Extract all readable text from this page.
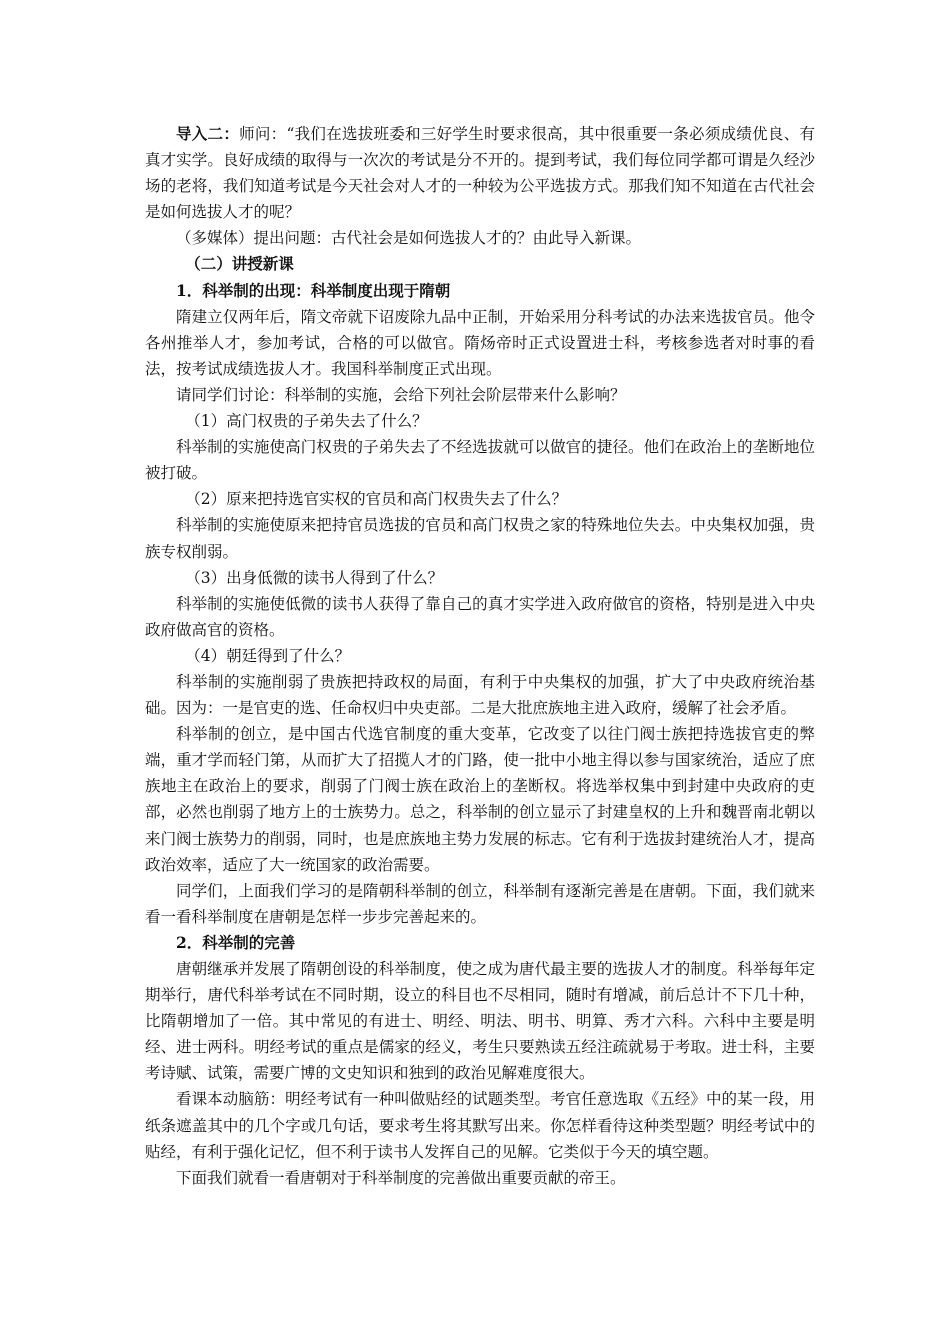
导入二：师问：“我们在选拔班委和三好学生时要求很高，其中很重要一条必须成绩优良、有真才实学。良好成绩的取得与一次次的考试是分不开的。提到考试，我们每位同学都可谓是久经沙场的老将，我们知道考试是今天社会对人才的一种较为公平选拔方式。那我们知不知道在古代社会是如何选拔人才的呢？

（多媒体）提出问题：古代社会是如何选拔人才的？由此导入新课。

（二）讲授新课

1．科举制的出现：科举制度出现于隋朝

隋建立仅两年后，隋文帝就下诏废除九品中正制，开始采用分科考试的办法来选拔官员。他令各州推举人才，参加考试，合格的可以做官。隋炀帝时正式设置进士科，考核参选者对时事的看法，按考试成绩选拔人才。我国科举制度正式出现。

请同学们讨论：科举制的实施，会给下列社会阶层带来什么影响？

（1）高门权贵的子弟失去了什么？

科举制的实施使高门权贵的子弟失去了不经选拔就可以做官的捷径。他们在政治上的垄断地位被打破。

（2）原来把持选官实权的官员和高门权贵失去了什么？

科举制的实施使原来把持官员选拔的官员和高门权贵之家的特殊地位失去。中央集权加强，贵族专权削弱。

（3）出身低微的读书人得到了什么？

科举制的实施使低微的读书人获得了靠自己的真才实学进入政府做官的资格，特别是进入中央政府做高官的资格。

（4）朝廷得到了什么？

科举制的实施削弱了贵族把持政权的局面，有利于中央集权的加强，扩大了中央政府统治基础。因为：一是官吏的选、任命权归中央吏部。二是大批庶族地主进入政府，缓解了社会矛盾。

科举制的创立，是中国古代选官制度的重大变革，它改变了以往门阀士族把持选拔官吏的弊端，重才学而轻门第，从而扩大了招揽人才的门路，使一批中小地主得以参与国家统治，适应了庶族地主在政治上的要求，削弱了门阀士族在政治上的垄断权。将选举权集中到封建中央政府的吏部，必然也削弱了地方上的士族势力。总之，科举制的创立显示了封建皇权的上升和魏晋南北朝以来门阀士族势力的削弱，同时，也是庶族地主势力发展的标志。它有利于选拔封建统治人才，提高政治效率，适应了大一统国家的政治需要。

同学们，上面我们学习的是隋朝科举制的创立，科举制有逐渐完善是在唐朝。下面，我们就来看一看科举制度在唐朝是怎样一步步完善起来的。

2．科举制的完善

唐朝继承并发展了隋朝创设的科举制度，使之成为唐代最主要的选拔人才的制度。科举每年定期举行，唐代科举考试在不同时期，设立的科目也不尽相同，随时有增减，前后总计不下几十种，比隋朝增加了一倍。其中常见的有进士、明经、明法、明书、明算、秀才六科。六科中主要是明经、进士两科。明经考试的重点是儒家的经义，考生只要熟读五经注疏就易于考取。进士科，主要考诗赋、试策，需要广博的文史知识和独到的政治见解难度很大。

看课本动脑筋：明经考试有一种叫做贴经的试题类型。考官任意选取《五经》中的某一段，用纸条遮盖其中的几个字或几句话，要求考生将其默写出来。你怎样看待这种类型题？明经考试中的贴经，有利于强化记忆，但不利于读书人发挥自己的见解。它类似于今天的填空题。

下面我们就看一看唐朝对于科举制度的完善做出重要贡献的帝王。
